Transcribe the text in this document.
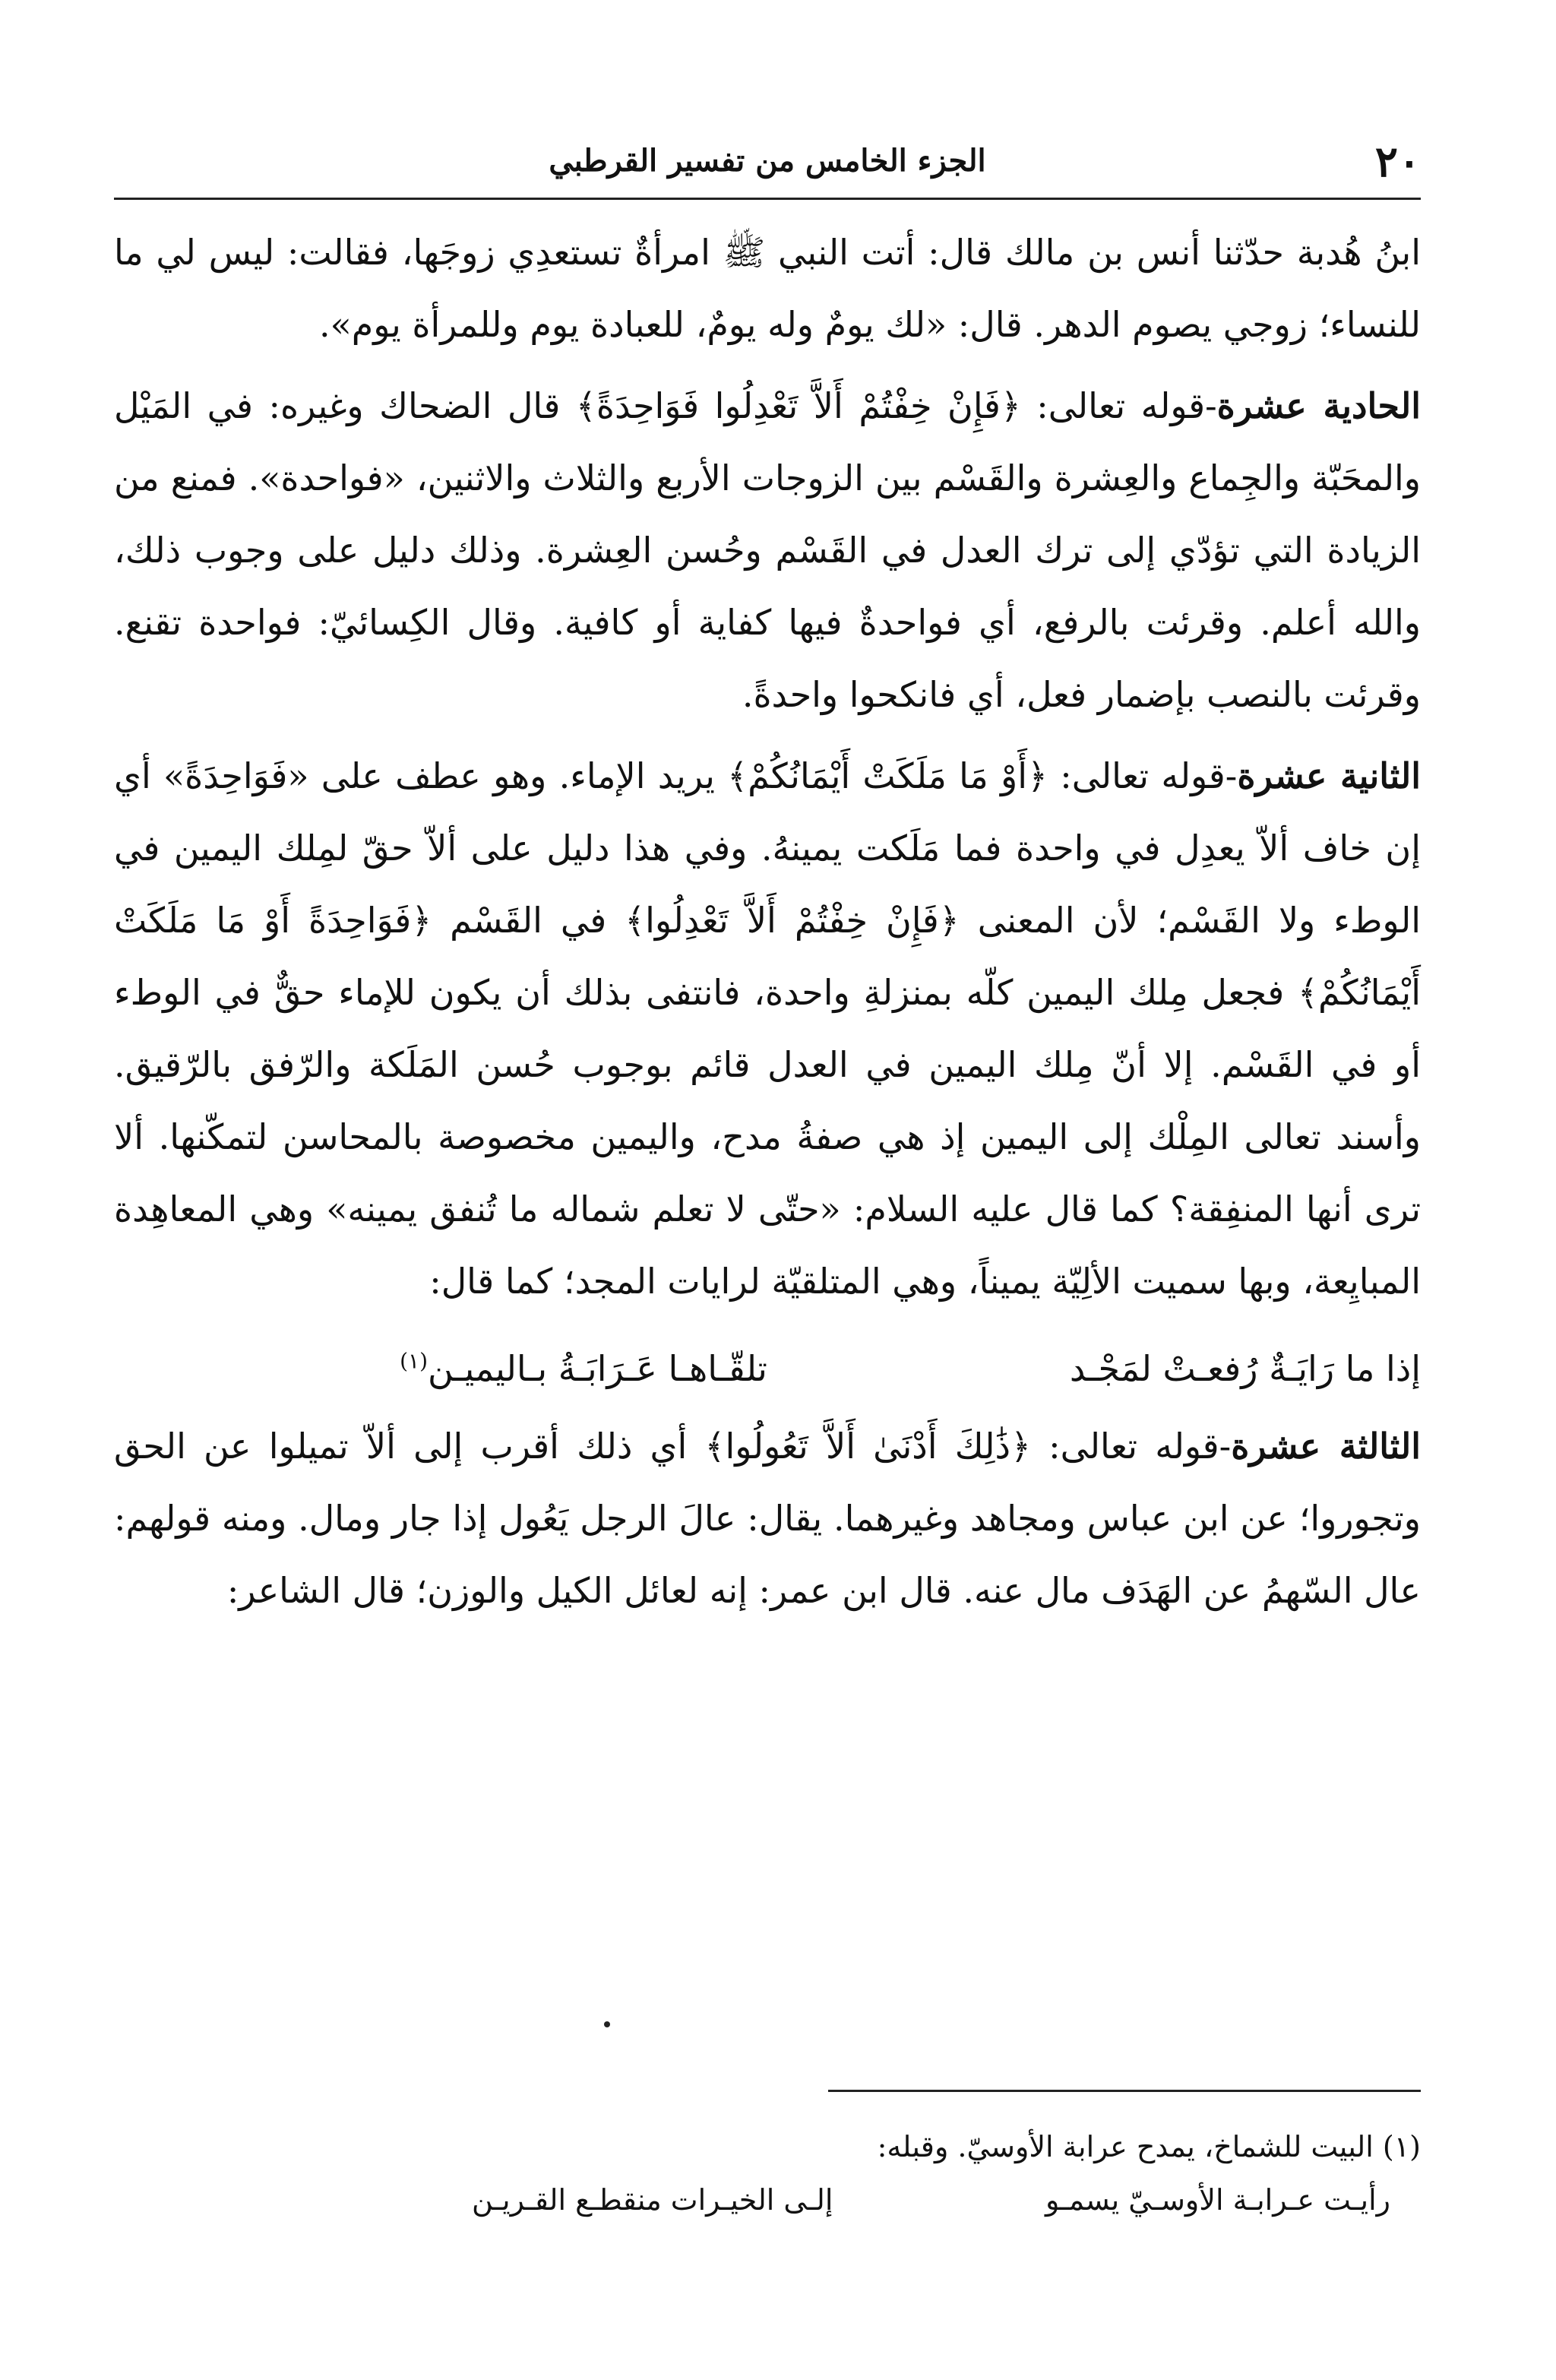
٢٠
الجزء الخامس من تفسير القرطبي

ابنُ هُدبة حدّثنا أنس بن مالك قال: أتت النبي ﷺ امرأةٌ تستعدِي زوجَها، فقالت: ليس لي ما للنساء؛ زوجي يصوم الدهر. قال: «لك يومٌ وله يومٌ، للعبادة يوم وللمرأة يوم».

الحادية عشرة-قوله تعالى: ﴿فَإِنْ خِفْتُمْ أَلاَّ تَعْدِلُوا فَوَاحِدَةً﴾ قال الضحاك وغيره: في المَيْل والمحَبّة والجِماع والعِشرة والقَسْم بين الزوجات الأربع والثلاث والاثنين، «فواحدة». فمنع من الزيادة التي تؤدّي إلى ترك العدل في القَسْم وحُسن العِشرة. وذلك دليل على وجوب ذلك، والله أعلم. وقرئت بالرفع، أي فواحدةٌ فيها كفاية أو كافية. وقال الكِسائيّ: فواحدة تقنع. وقرئت بالنصب بإضمار فعل، أي فانكحوا واحدةً.

الثانية عشرة-قوله تعالى: ﴿أَوْ مَا مَلَكَتْ أَيْمَانُكُمْ﴾ يريد الإماء. وهو عطف على «فَوَاحِدَةً» أي إن خاف ألاّ يعدِل في واحدة فما مَلَكت يمينهُ. وفي هذا دليل على ألاّ حقّ لمِلك اليمين في الوطء ولا القَسْم؛ لأن المعنى ﴿فَإِنْ خِفْتُمْ أَلاَّ تَعْدِلُوا﴾ في القَسْم ﴿فَوَاحِدَةً أَوْ مَا مَلَكَتْ أَيْمَانُكُمْ﴾ فجعل مِلك اليمين كلّه بمنزلةِ واحدة، فانتفى بذلك أن يكون للإماء حقٌّ في الوطء أو في القَسْم. إلا أنّ مِلك اليمين في العدل قائم بوجوب حُسن المَلَكة والرّفق بالرّقيق. وأسند تعالى المِلْك إلى اليمين إذ هي صفةُ مدح، واليمين مخصوصة بالمحاسن لتمكّنها. ألا ترى أنها المنفِقة؟ كما قال عليه السلام: «حتّى لا تعلم شماله ما تُنفق يمينه» وهي المعاهِدة المبايِعة، وبها سميت الألِيّة يميناً، وهي المتلقيّة لرايات المجد؛ كما قال:

إذا ما رَايَـةٌ رُفعـتْ لمَجْـد
تلقّـاهـا عَـرَابَـةُ بـاليميـن$^{(١)}$

الثالثة عشرة-قوله تعالى: ﴿ذَٰلِكَ أَدْنَىٰ أَلاَّ تَعُولُوا﴾ أي ذلك أقرب إلى ألاّ تميلوا عن الحق وتجوروا؛ عن ابن عباس ومجاهد وغيرهما. يقال: عالَ الرجل يَعُول إذا جار ومال. ومنه قولهم: عال السّهمُ عن الهَدَف مال عنه. قال ابن عمر: إنه لعائل الكيل والوزن؛ قال الشاعر:

(١) البيت للشماخ، يمدح عرابة الأوسيّ. وقبله:
رأيـت عـرابـة الأوسـيّ يسمـو
إلـى الخيـرات منقطـع القـريـن
